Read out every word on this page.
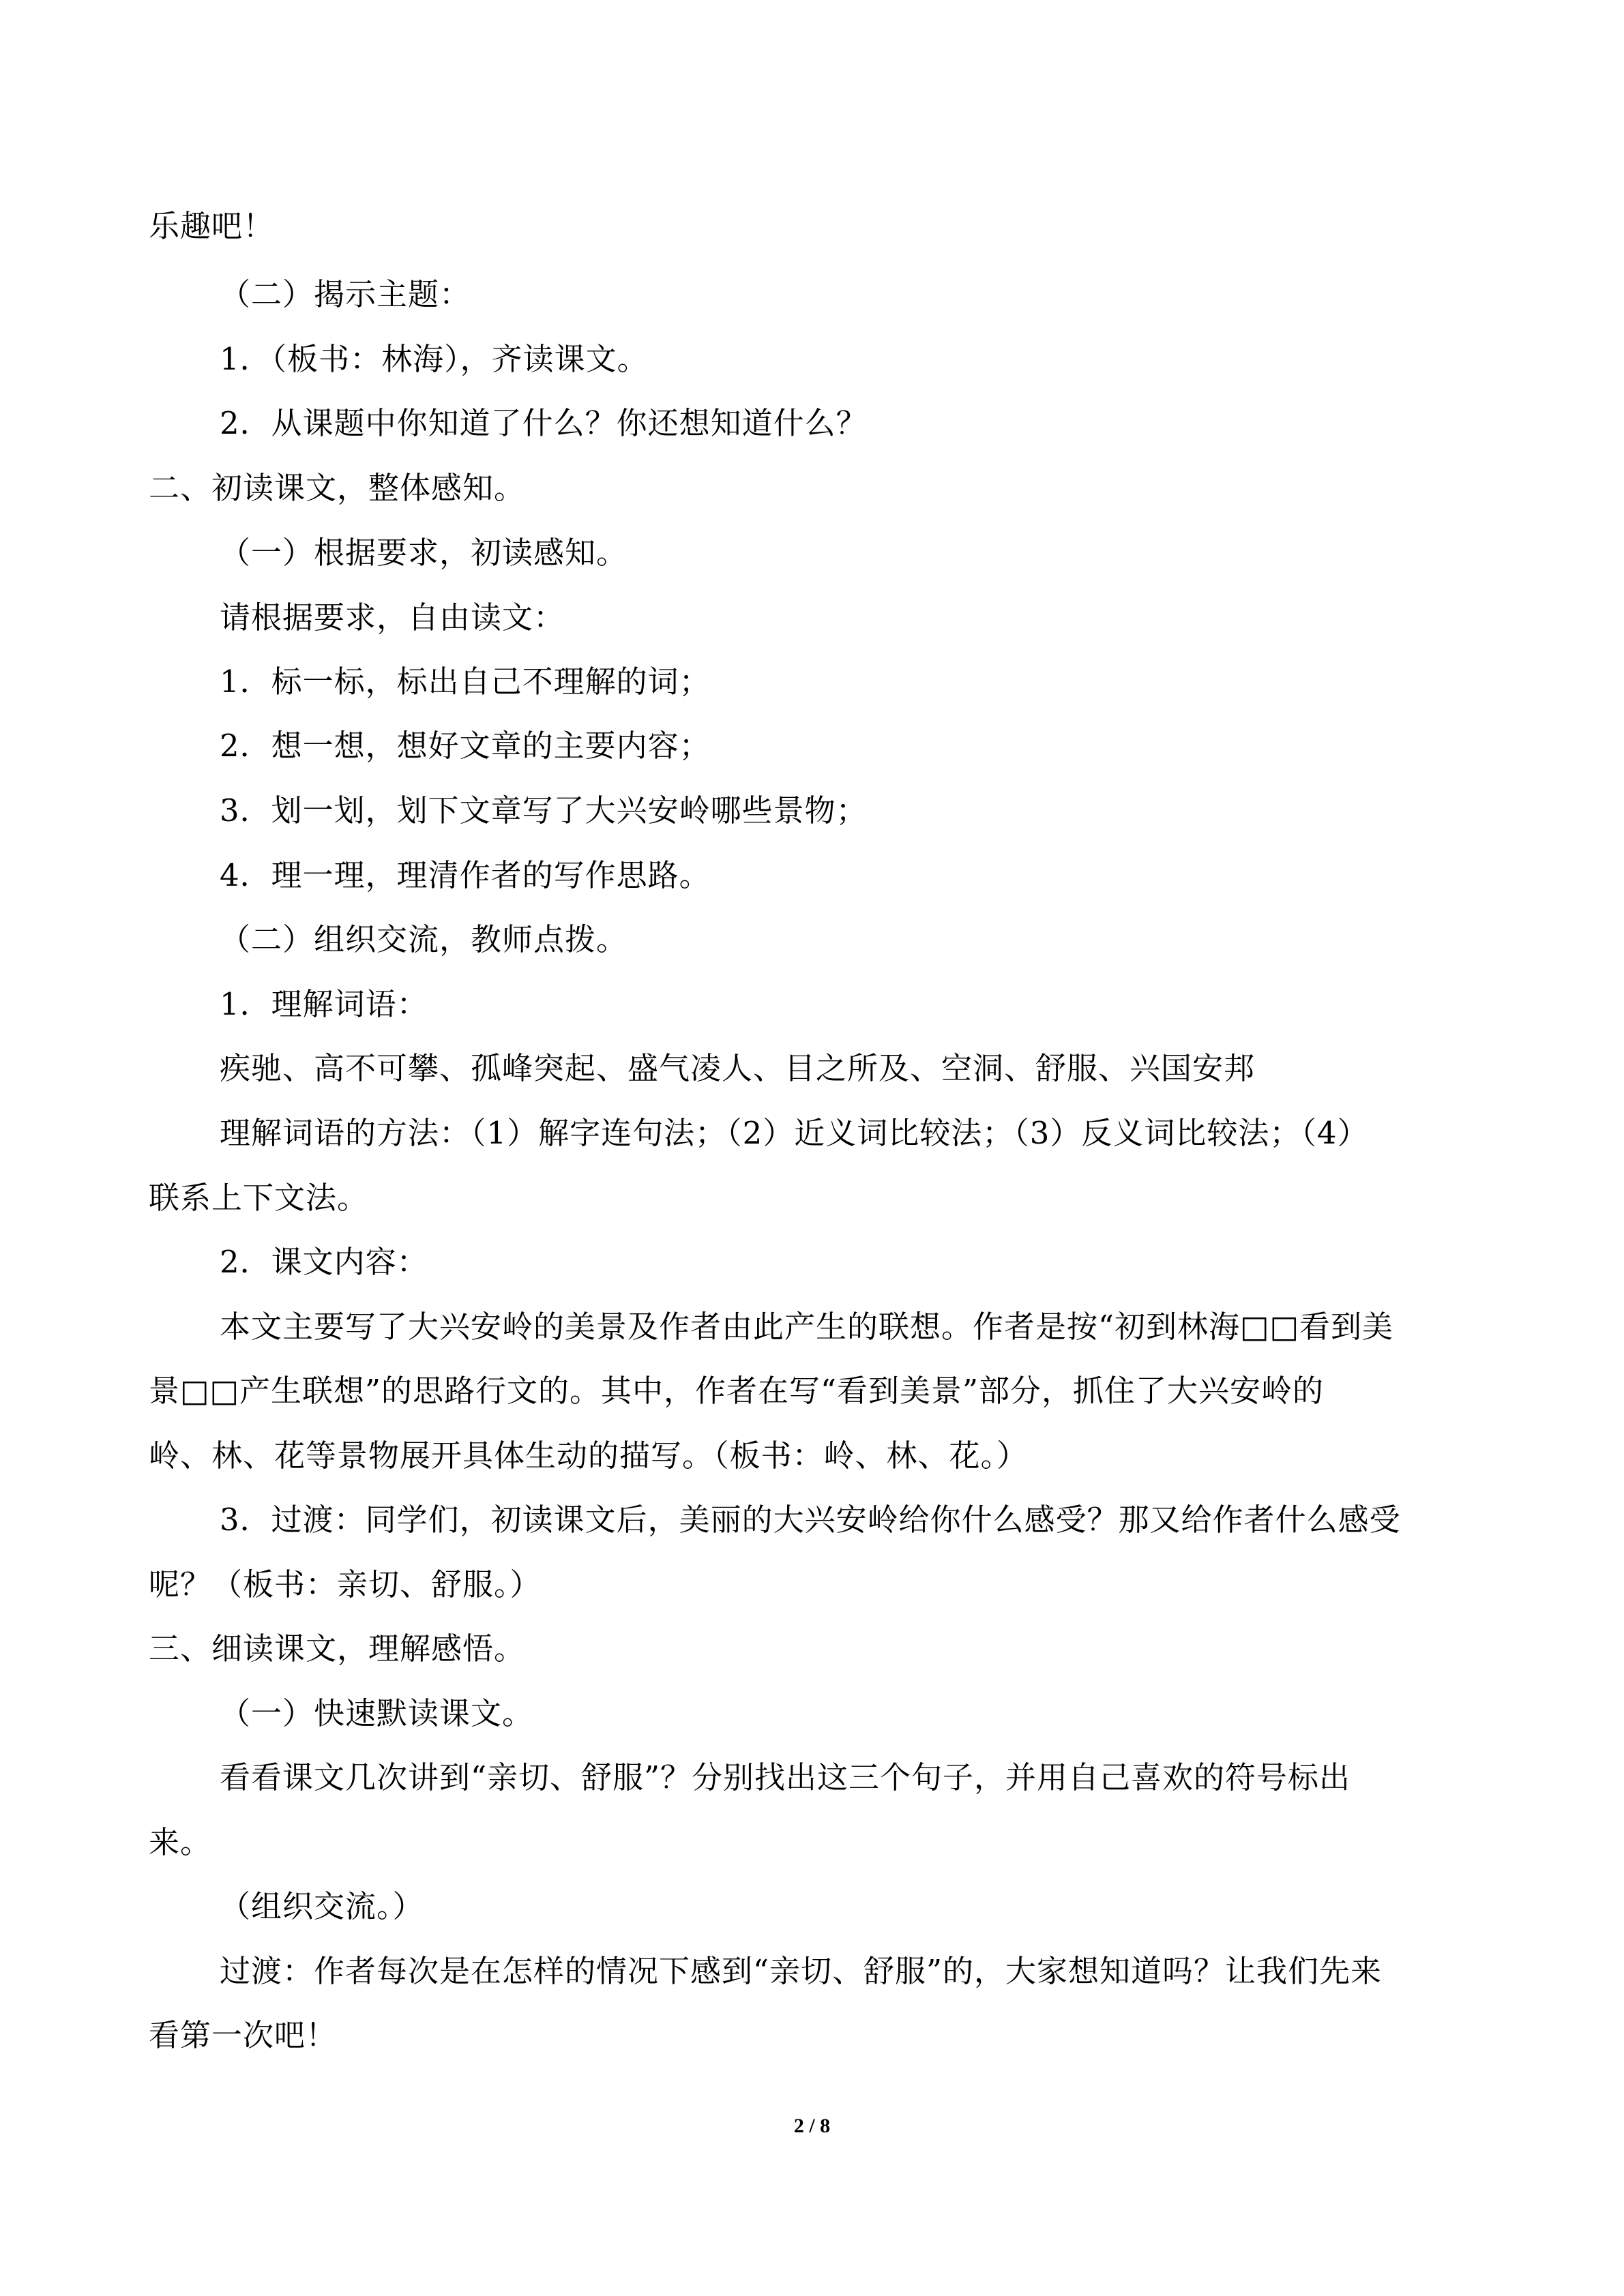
乐趣吧！
（二）揭示主题：
1．（板书：林海），齐读课文。
2．从课题中你知道了什么？你还想知道什么？
二、初读课文，整体感知。
（一）根据要求，初读感知。
请根据要求，自由读文：
1．标一标，标出自己不理解的词；
2．想一想，想好文章的主要内容；
3．划一划，划下文章写了大兴安岭哪些景物；
4．理一理，理清作者的写作思路。
（二）组织交流，教师点拨。
1．理解词语：
疾驰、高不可攀、孤峰突起、盛气凌人、目之所及、空洞、舒服、兴国安邦
理解词语的方法：（1）解字连句法；（2）近义词比较法；（3）反义词比较法；（4）
联系上下文法。
2．课文内容：
本文主要写了大兴安岭的美景及作者由此产生的联想。作者是按“初到林海□□看到美
景□□产生联想”的思路行文的。其中，作者在写“看到美景”部分，抓住了大兴安岭的
岭、林、花等景物展开具体生动的描写。（板书：岭、林、花。）
3．过渡：同学们，初读课文后，美丽的大兴安岭给你什么感受？那又给作者什么感受
呢？（板书：亲切、舒服。）
三、细读课文，理解感悟。
（一）快速默读课文。
看看课文几次讲到“亲切、舒服”？分别找出这三个句子，并用自己喜欢的符号标出
来。
（组织交流。）
过渡：作者每次是在怎样的情况下感到“亲切、舒服”的，大家想知道吗？让我们先来
看第一次吧！
2 / 8
